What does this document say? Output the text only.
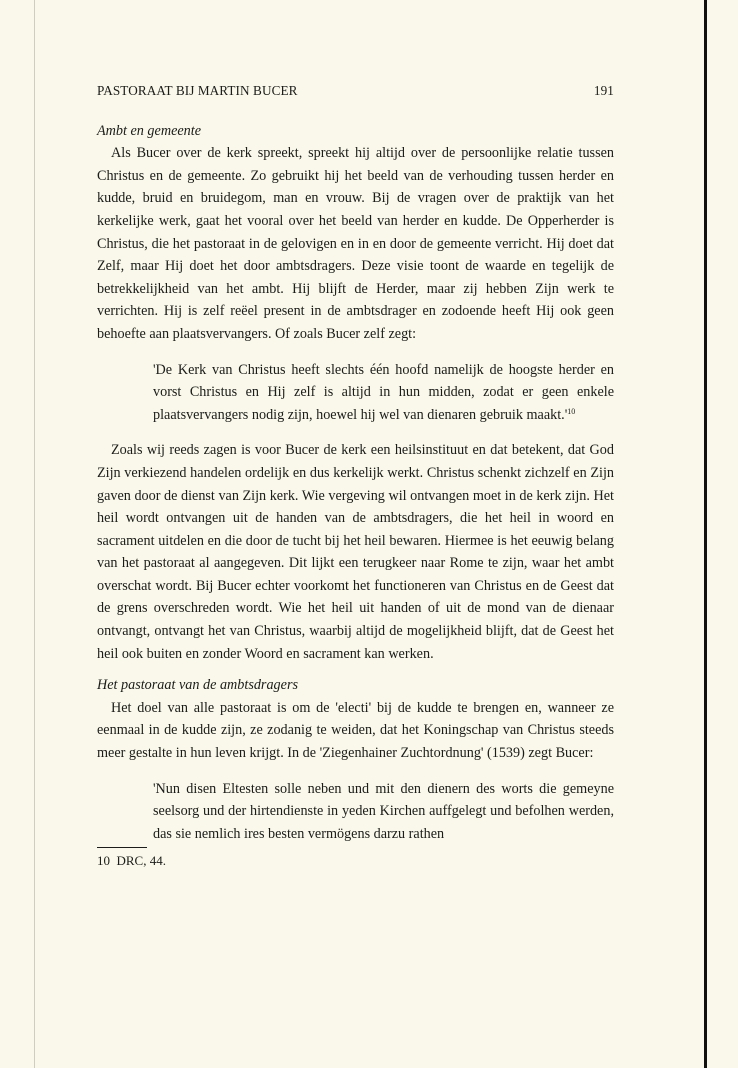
PASTORAAT BIJ MARTIN BUCER	191

Ambt en gemeente

Als Bucer over de kerk spreekt, spreekt hij altijd over de persoonlijke relatie tussen Christus en de gemeente. Zo gebruikt hij het beeld van de verhouding tussen herder en kudde, bruid en bruidegom, man en vrouw. Bij de vragen over de praktijk van het kerkelijke werk, gaat het vooral over het beeld van herder en kudde. De Opperherder is Christus, die het pastoraat in de gelovigen en in en door de gemeente verricht. Hij doet dat Zelf, maar Hij doet het door ambtsdragers. Deze visie toont de waarde en tegelijk de betrekkelijkheid van het ambt. Hij blijft de Herder, maar zij hebben Zijn werk te verrichten. Hij is zelf reëel present in de ambtsdrager en zodoende heeft Hij ook geen behoefte aan plaatsvervangers. Of zoals Bucer zelf zegt:

'De Kerk van Christus heeft slechts één hoofd namelijk de hoogste herder en vorst Christus en Hij zelf is altijd in hun midden, zodat er geen enkele plaatsvervangers nodig zijn, hoewel hij wel van dienaren gebruik $maakt.'^{10}$

Zoals wij reeds zagen is voor Bucer de kerk een heilsinstituut en dat betekent, dat God Zijn verkiezend handelen ordelijk en dus kerkelijk werkt. Christus schenkt zichzelf en Zijn gaven door de dienst van Zijn kerk. Wie vergeving wil ontvangen moet in de kerk zijn. Het heil wordt ontvangen uit de handen van de ambtsdragers, die het heil in woord en sacrament uitdelen en die door de tucht bij het heil bewaren. Hiermee is het eeuwig belang van het pastoraat al aangegeven. Dit lijkt een terugkeer naar Rome te zijn, waar het ambt overschat wordt. Bij Bucer echter voorkomt het functioneren van Christus en de Geest dat de grens overschreden wordt. Wie het heil uit handen of uit de mond van de dienaar ontvangt, ontvangt het van Christus, waarbij altijd de mogelijkheid blijft, dat de Geest het heil ook buiten en zonder Woord en sacrament kan werken.

Het pastoraat van de ambtsdragers

Het doel van alle pastoraat is om de 'electi' bij de kudde te brengen en, wanneer ze eenmaal in de kudde zijn, ze zodanig te weiden, dat het Koningschap van Christus steeds meer gestalte in hun leven krijgt. In de 'Ziegenhainer Zuchtordnung' (1539) zegt Bucer:

'Nun disen Eltesten solle neben und mit den dienern des worts die gemeyne seelsorg und der hirtendienste in yeden Kirchen auffgelegt und befolhen werden, das sie nemlich ires besten vermögens darzu rathen

10 DRC, 44.
